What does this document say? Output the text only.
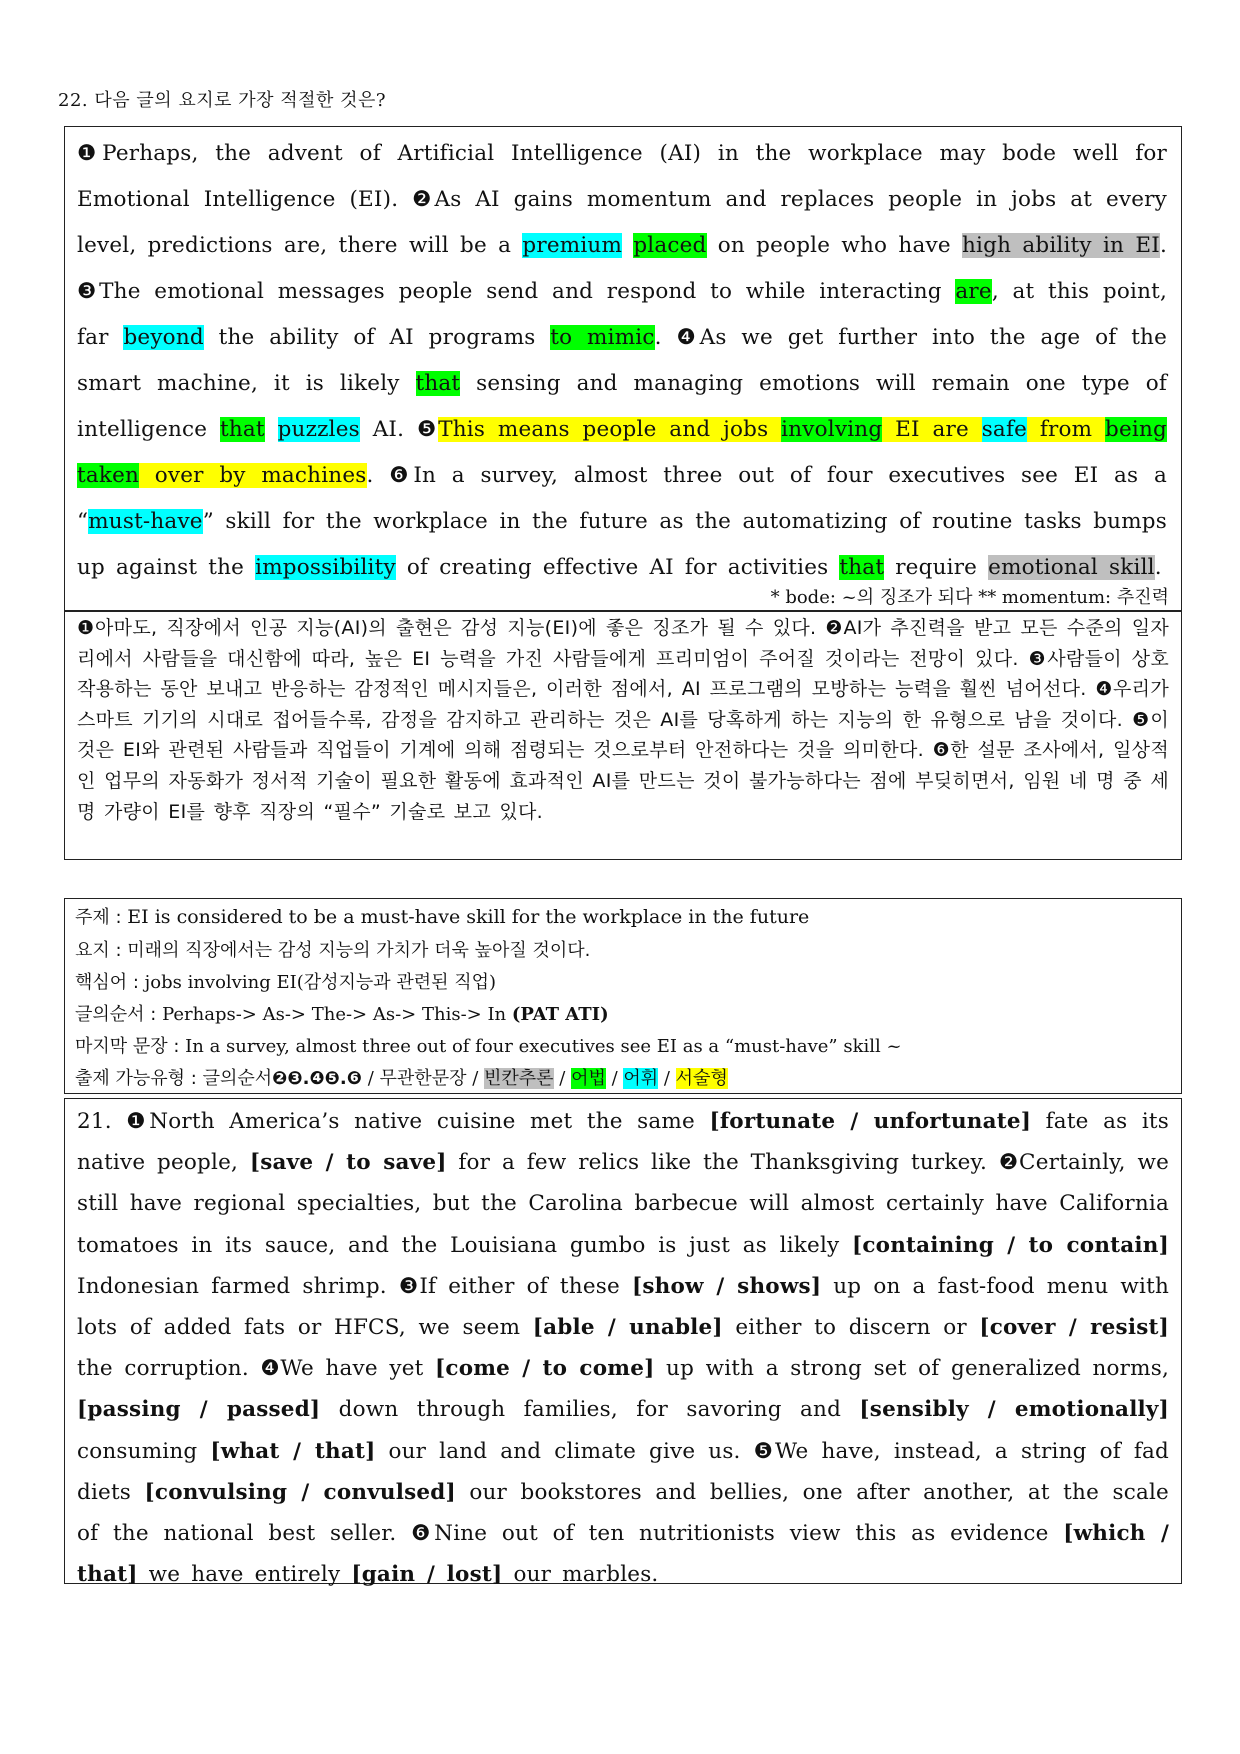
22. 다음 글의 요지로 가장 적절한 것은?
❶Perhaps, the advent of Artificial Intelligence (AI) in the workplace may bode well for Emotional Intelligence (EI). ❷As AI gains momentum and replaces people in jobs at every level, predictions are, there will be a premium placed on people who have high ability in EI. ❸The emotional messages people send and respond to while interacting are, at this point, far beyond the ability of AI programs to mimic. ❹As we get further into the age of the smart machine, it is likely that sensing and managing emotions will remain one type of intelligence that puzzles AI. ❺This means people and jobs involving EI are safe from being taken over by machines. ❻In a survey, almost three out of four executives see EI as a “must-have” skill for the workplace in the future as the automatizing of routine tasks bumps up against the impossibility of creating effective AI for activities that require emotional skill.
* bode: ~의 징조가 되다 ** momentum: 추진력
❶아마도, 직장에서 인공 지능(AI)의 출현은 감성 지능(EI)에 좋은 징조가 될 수 있다. ❷AI가 추진력을 받고 모든 수준의 일자리에서 사람들을 대신함에 따라, 높은 EI 능력을 가진 사람들에게 프리미엄이 주어질 것이라는 전망이 있다. ❸사람들이 상호 작용하는 동안 보내고 반응하는 감정적인 메시지들은, 이러한 점에서, AI 프로그램의 모방하는 능력을 훨씬 넘어선다. ❹우리가 스마트 기기의 시대로 접어들수록, 감정을 감지하고 관리하는 것은 AI를 당혹하게 하는 지능의 한 유형으로 남을 것이다. ❺이것은 EI와 관련된 사람들과 직업들이 기계에 의해 점령되는 것으로부터 안전하다는 것을 의미한다. ❻한 설문 조사에서, 일상적인 업무의 자동화가 정서적 기술이 필요한 활동에 효과적인 AI를 만드는 것이 불가능하다는 점에 부딪히면서, 임원 네 명 중 세 명 가량이 EI를 향후 직장의 “필수” 기술로 보고 있다.
주제 : EI is considered to be a must-have skill for the workplace in the future
요지 : 미래의 직장에서는 감성 지능의 가치가 더욱 높아질 것이다.
핵심어 : jobs involving EI(감성지능과 관련된 직업)
글의순서 : Perhaps-> As-> The-> As-> This-> In (PAT ATI)
마지막 문장 : In a survey, almost three out of four executives see EI as a “must-have” skill ~
출제 가능유형 : 글의순서❷❸.❹❺.❻ / 무관한문장 / 빈칸추론 / 어법 / 어휘 / 서술형
21. ❶North America’s native cuisine met the same [fortunate / unfortunate] fate as its native people, [save / to save] for a few relics like the Thanksgiving turkey. ❷Certainly, we still have regional specialties, but the Carolina barbecue will almost certainly have California tomatoes in its sauce, and the Louisiana gumbo is just as likely [containing / to contain] Indonesian farmed shrimp. ❸If either of these [show / shows] up on a fast-food menu with lots of added fats or HFCS, we seem [able / unable] either to discern or [cover / resist] the corruption. ❹We have yet [come / to come] up with a strong set of generalized norms, [passing / passed] down through families, for savoring and [sensibly / emotionally] consuming [what / that] our land and climate give us. ❺We have, instead, a string of fad diets [convulsing / convulsed] our bookstores and bellies, one after another, at the scale of the national best seller. ❻Nine out of ten nutritionists view this as evidence [which / that] we have entirely [gain / lost] our marbles.
